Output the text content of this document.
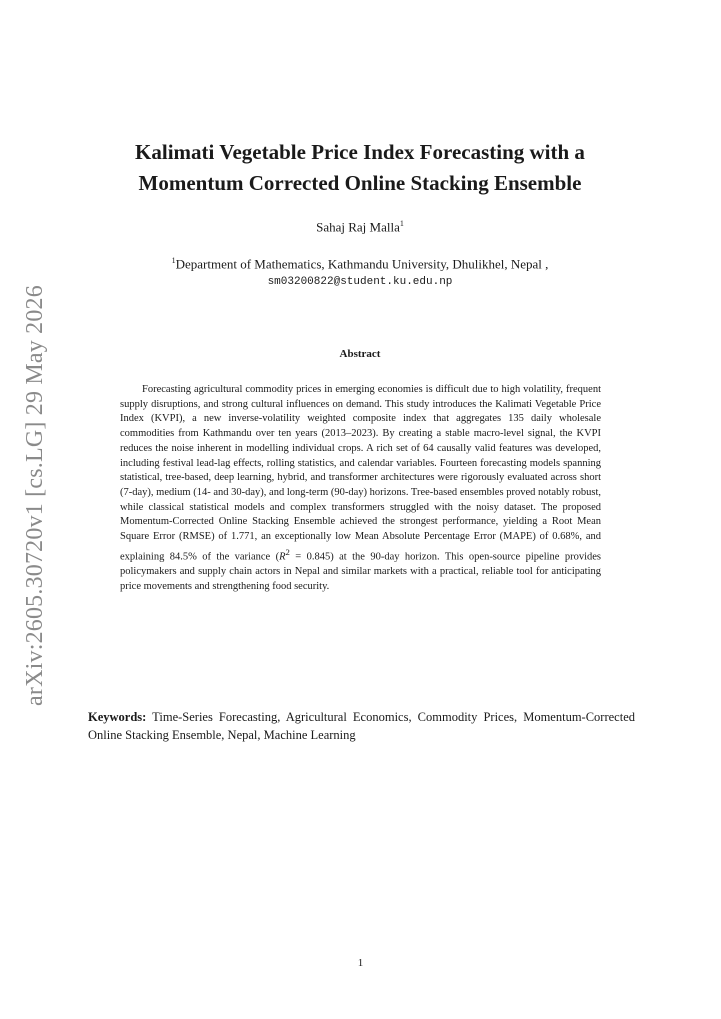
arXiv:2605.30720v1 [cs.LG] 29 May 2026
Kalimati Vegetable Price Index Forecasting with a
Momentum Corrected Online Stacking Ensemble
Sahaj Raj Malla$^1$
$^1$Department of Mathematics, Kathmandu University, Dhulikhel, Nepal ,
sm03200822@student.ku.edu.np
Abstract

Forecasting agricultural commodity prices in emerging economies is difficult due to high volatility, frequent supply disruptions, and strong cultural influences on demand. This study introduces the Kalimati Vegetable Price Index (KVPI), a new inverse-volatility weighted composite index that aggregates 135 daily wholesale commodities from Kathmandu over ten years (2013–2023). By creating a stable macro-level signal, the KVPI reduces the noise inherent in modelling individual crops. A rich set of 64 causally valid features was developed, including festival lead-lag effects, rolling statistics, and calendar variables. Fourteen forecasting models spanning statistical, tree-based, deep learning, hybrid, and transformer architectures were rigorously evaluated across short (7-day), medium (14- and 30-day), and long-term (90-day) horizons. Tree-based ensembles proved notably robust, while classical statistical models and complex transformers struggled with the noisy dataset. The proposed Momentum-Corrected Online Stacking Ensemble achieved the strongest performance, yielding a Root Mean Square Error (RMSE) of 1.771, an exceptionally low Mean Absolute Percentage Error (MAPE) of 0.68%, and explaining 84.5% of the variance $(R^2 = 0.845)$ at the 90-day horizon. This open-source pipeline provides policymakers and supply chain actors in Nepal and similar markets with a practical, reliable tool for anticipating price movements and strengthening food security.

Keywords: Time-Series Forecasting, Agricultural Economics, Commodity Prices, Momentum-Corrected Online Stacking Ensemble, Nepal, Machine Learning

1
